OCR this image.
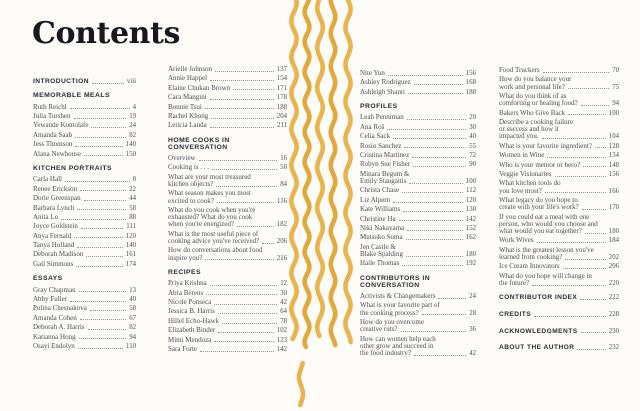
Contents
INTRODUCTION	viii
MEMORABLE MEALS
Ruth Reichl	4
Julia Turshen	19
Yewande Komolafe	24
Amanda Saab	82
Jess Thomson	140
Alana Newhouse	150
KITCHEN PORTRAITS
Carla Hall	8
Renee Erickson	22
Dorie Greenspan	44
Barbara Lynch	58
Anita Lo	88
Joyce Goldstein	111
Anya Fernald	120
Tanya Holland	140
Deborah Madison	161
Gail Simmons	174
ESSAYS
Gray Chapman	13
Abby Fuller	40
Polina Chesnakova	58
Amanda Cohen	67
Deborah A. Harris	82
Katianna Hong	94
Osayi Endolyn	110
Arielle Johnson	137
Annie Happel	154
Elaine Chukan Brown	171
Cara Mangini	178
Bonnie Tsui	188
Rachel Khong	204
Leticia Landa	211
HOME COOKS IN CONVERSATION
Overview	16
Cooking is . . .	50
What are your most treasured
kitchen objects?	84
What season makes you most
excited to cook?	116
What do you cook when you're
exhausted? What do you cook
when you're energized?	182
What is the most useful piece of
cooking advice you've received?	206
How do conversations about food
inspire you?	216
RECIPES
Priya Krishna	12
Abra Berens	30
Nicole Ponseca	42
Jessica B. Harris	64
Hillel Echo-Hawk	78
Elizabeth Binder	102
Mimi Mendoza	123
Sara Forte	142
Nite Yun	156
Ashley Rodriguez	168
Ashleigh Shanti	188
PROFILES
Leah Penniman	20
Ana Roš	30
Celia Sack	40
Rosio Sanchez	55
Cristina Martinez	72
Robyn Sue Fisher	90
Minara Begum &
Emily Staugaitis	100
Christa Chase	112
Liz Alpern	120
Kate Williams	130
Christine Ha	142
Niki Nakayama	152
Mutsuko Soma	162
Jen Castle &
Blake Spalding	180
Haile Thomas	192
CONTRIBUTORS IN CONVERSATION
Activists & Changemakers	24
What is your favorite part of
the cooking process?	28
How do you overcome
creative ruts?	36
How can women help each
other grow and succeed in
the food industry?	42
Food Truckers	70
How do you balance your
work and personal life?	75
What do you think of as
comforting or healing food?	94
Bakers Who Give Back	100
Describe a cooking failure
or success and how it
impacted you.	104
What is your favorite ingredient? 128
Women in Wine	134
Who is your mentor or hero?	148
Veggie Visionaries	156
What kitchen tools do
you love most?	166
What legacy do you hope to
create with your life's work?	170
If you could eat a meal with one
person, who would you choose and
what would you eat together?	180
Work Wives	184
What is the greatest lesson you've
learned from cooking?	202
Ice Cream Innovators	206
What do you hope will change in
the future?	220
CONTRIBUTOR INDEX	222
CREDITS	228
ACKNOWLEDGMENTS	230
ABOUT THE AUTHOR	232
